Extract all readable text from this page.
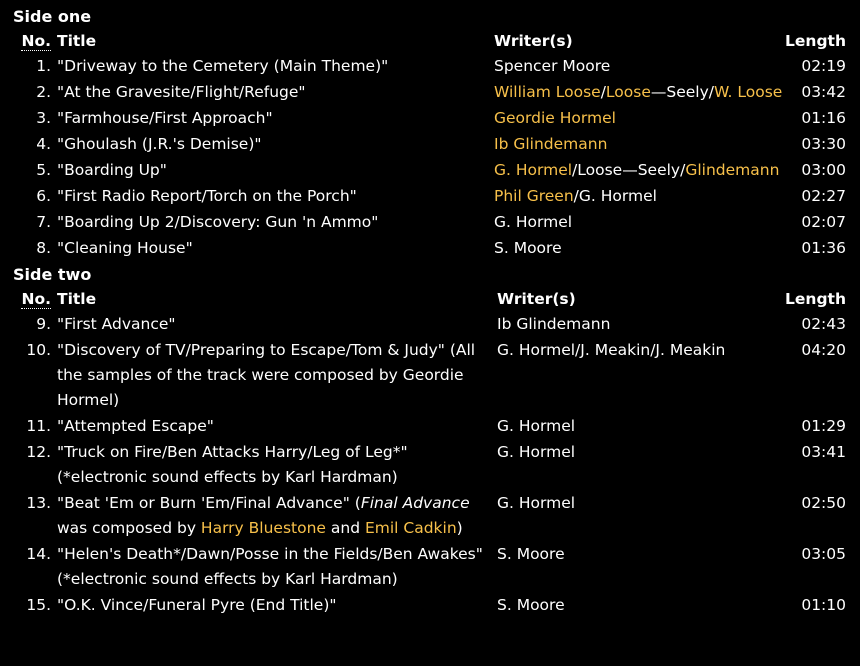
Side one
No.	Title	Writer(s)	Length
1.	"Driveway to the Cemetery (Main Theme)"	Spencer Moore	02:19
2.	"At the Gravesite/Flight/Refuge"	William Loose/Loose—Seely/W. Loose	03:42
3.	"Farmhouse/First Approach"	Geordie Hormel	01:16
4.	"Ghoulash (J.R.'s Demise)"	Ib Glindemann	03:30
5.	"Boarding Up"	G. Hormel/Loose—Seely/Glindemann	03:00
6.	"First Radio Report/Torch on the Porch"	Phil Green/G. Hormel	02:27
7.	"Boarding Up 2/Discovery: Gun 'n Ammo"	G. Hormel	02:07
8.	"Cleaning House"	S. Moore	01:36
Side two
No.	Title	Writer(s)	Length
9.	"First Advance"	Ib Glindemann	02:43
10.	"Discovery of TV/Preparing to Escape/Tom & Judy" (All the samples of the track were composed by Geordie Hormel)	G. Hormel/J. Meakin/J. Meakin	04:20
11.	"Attempted Escape"	G. Hormel	01:29
12.	"Truck on Fire/Ben Attacks Harry/Leg of Leg*"
(*electronic sound effects by Karl Hardman)	G. Hormel	03:41
13.	"Beat 'Em or Burn 'Em/Final Advance" (Final Advance was composed by Harry Bluestone and Emil Cadkin)	G. Hormel	02:50
14.	"Helen's Death*/Dawn/Posse in the Fields/Ben Awakes"
(*electronic sound effects by Karl Hardman)	S. Moore	03:05
15.	"O.K. Vince/Funeral Pyre (End Title)"	S. Moore	01:10
